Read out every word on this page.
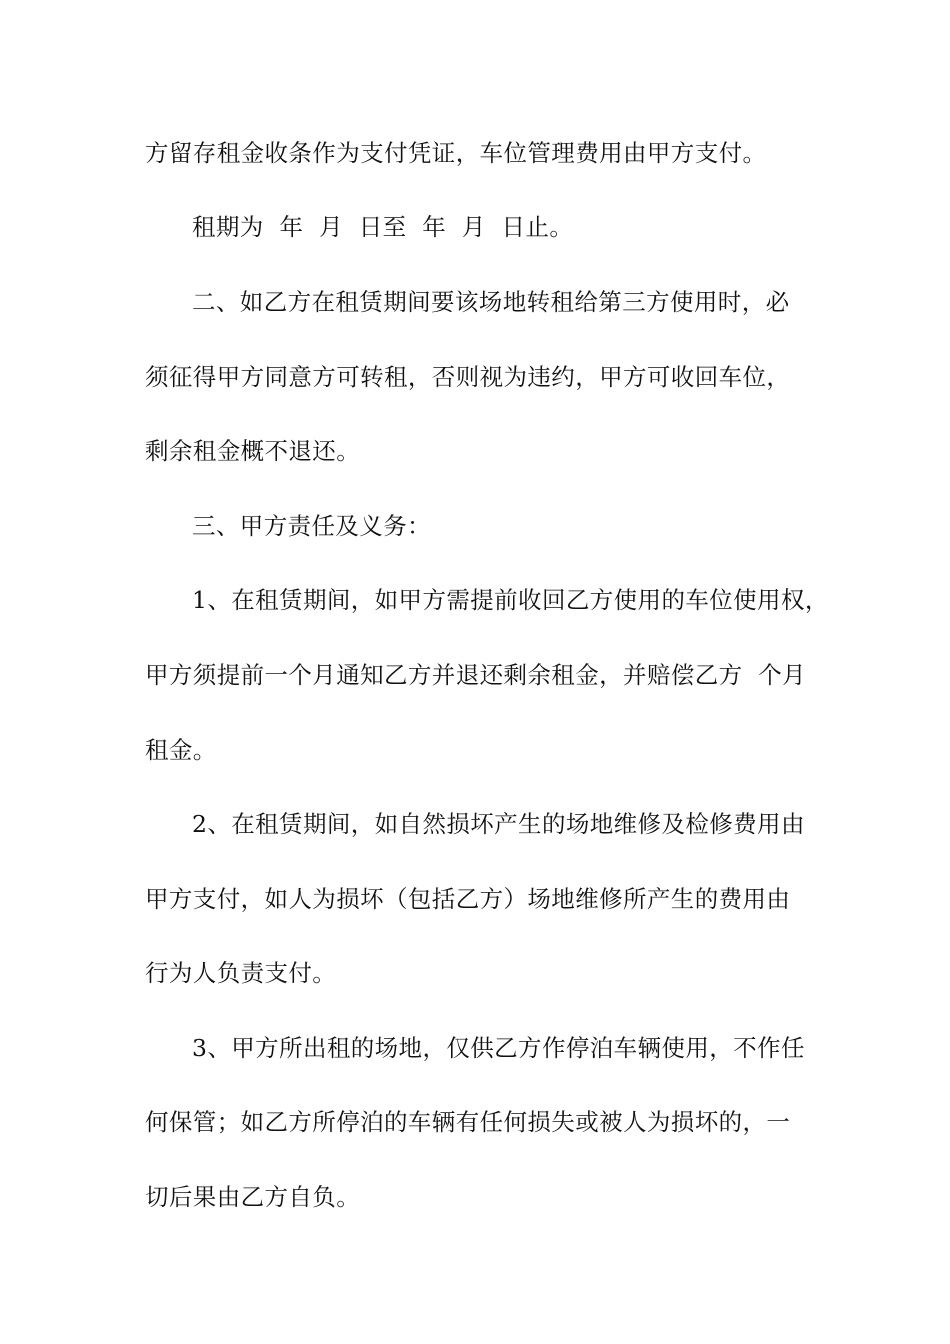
方留存租金收条作为支付凭证，车位管理费用由甲方支付。
租期为  年  月  日至  年  月  日止。
二、如乙方在租赁期间要该场地转租给第三方使用时，必
须征得甲方同意方可转租，否则视为违约，甲方可收回车位，
剩余租金概不退还。
三、甲方责任及义务：
1、在租赁期间，如甲方需提前收回乙方使用的车位使用权，
甲方须提前一个月通知乙方并退还剩余租金，并赔偿乙方  个月
租金。
2、在租赁期间，如自然损坏产生的场地维修及检修费用由
甲方支付，如人为损坏（包括乙方）场地维修所产生的费用由
行为人负责支付。
3、甲方所出租的场地，仅供乙方作停泊车辆使用，不作任
何保管；如乙方所停泊的车辆有任何损失或被人为损坏的，一
切后果由乙方自负。
